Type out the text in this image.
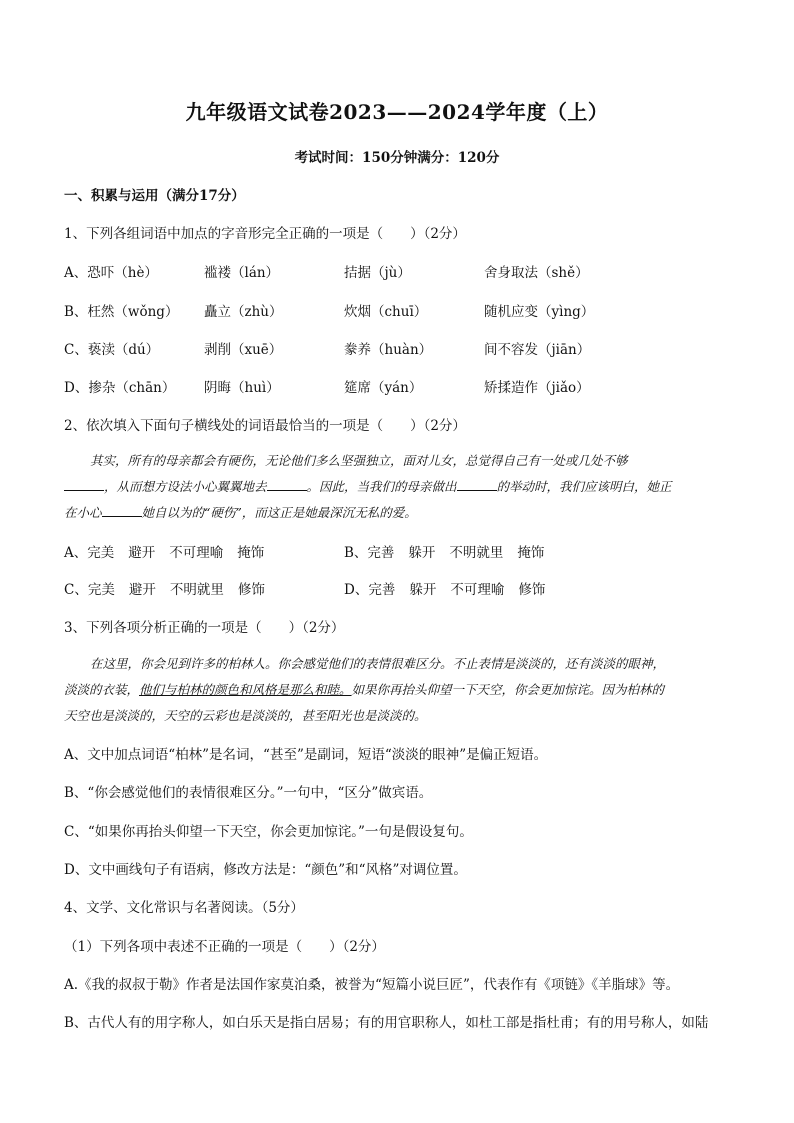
九年级语文试卷2023——2024学年度（上）
考试时间：150分钟满分：120分
一、积累与运用（满分17分）
1、下列各组词语中加点的字音形完全正确的一项是（　　）（2分）
A、恐吓（hè）	褴褛（lán）	拮据（jù）	舍身取法（shě）
B、枉然（wǒng） 矗立（zhù）	炊烟（chuī）	随机应变（yìng）
C、亵渎（dú）	剥削（xuē）	豢养（huàn）	间不容发（jiān）
D、掺杂（chān） 阴晦（huì）	筵席（yán）	矫揉造作（jiǎo）
2、依次填入下面句子横线处的词语最恰当的一项是（　　）（2分）
其实，所有的母亲都会有硬伤，无论他们多么坚强独立，面对儿女，总觉得自己有一处或几处不够
，从而想方设法小心翼翼地去	。因此，当我们的母亲做出	的举动时，我们应该明白，她正
在小心	她自以为的“硬伤”，而这正是她最深沉无私的爱。
A、完美 避开 不可理喻 掩饰	B、完善 躲开 不明就里 掩饰
C、完美 避开 不明就里 修饰	D、完善 躲开 不可理喻 修饰
3、下列各项分析正确的一项是（　　）（2分）
在这里，你会见到许多的柏林人。你会感觉他们的表情很难区分。不止表情是淡淡的，还有淡淡的眼神，
淡淡的衣装，他们与柏林的颜色和风格是那么和睦。如果你再抬头仰望一下天空，你会更加惊诧。因为柏林的
天空也是淡淡的，天空的云彩也是淡淡的，甚至阳光也是淡淡的。
A、文中加点词语“柏林”是名词，“甚至”是副词，短语“淡淡的眼神”是偏正短语。
B、“你会感觉他们的表情很难区分。”一句中，“区分”做宾语。
C、“如果你再抬头仰望一下天空，你会更加惊诧。”一句是假设复句。
D、文中画线句子有语病，修改方法是：“颜色”和“风格”对调位置。
4、文学、文化常识与名著阅读。（5分）
（1）下列各项中表述不正确的一项是（　　）（2分）
A.《我的叔叔于勒》作者是法国作家莫泊桑，被誉为“短篇小说巨匠”，代表作有《项链》《羊脂球》等。
B、古代人有的用字称人，如白乐天是指白居易；有的用官职称人，如杜工部是指杜甫；有的用号称人，如陆
